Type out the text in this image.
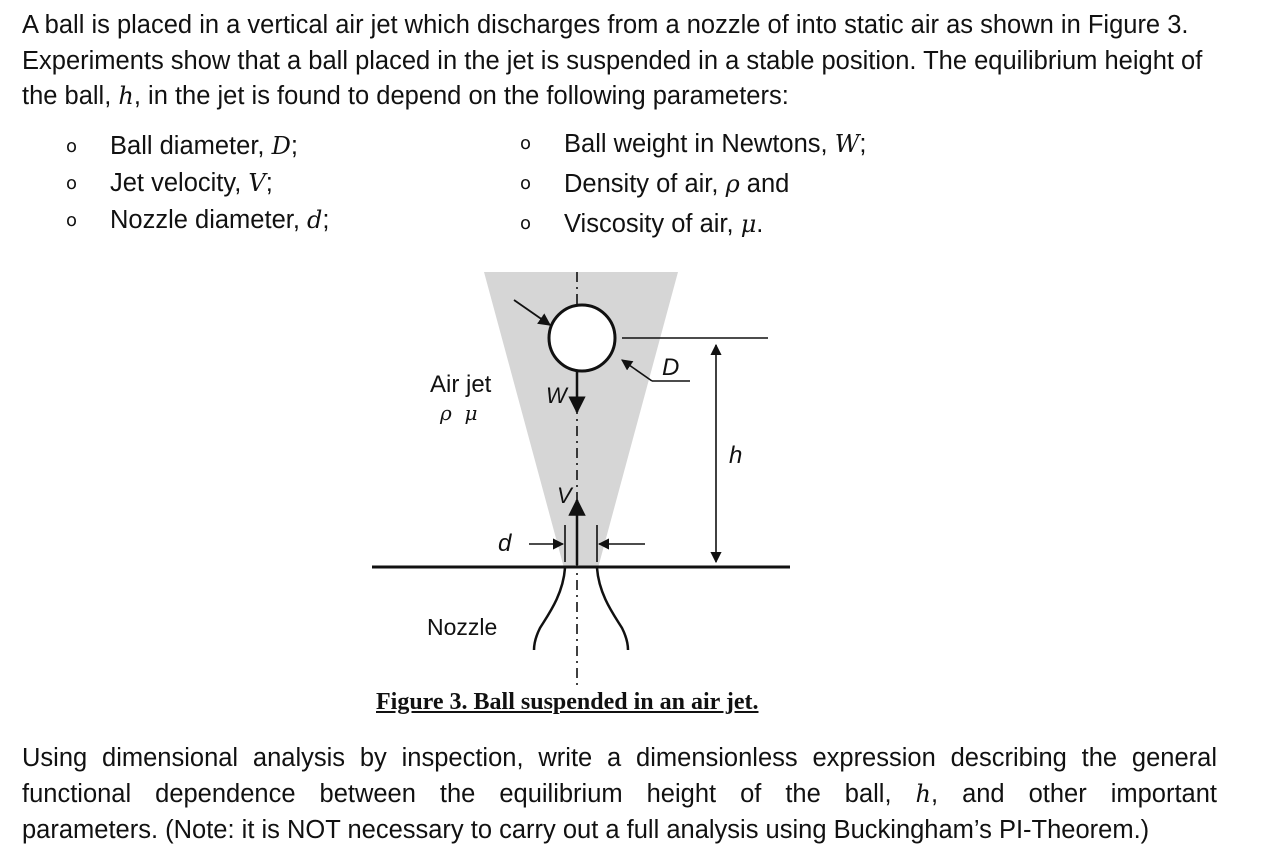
A ball is placed in a vertical air jet which discharges from a nozzle of into static air as shown in Figure 3. Experiments show that a ball placed in the jet is suspended in a stable position. The equilibrium height of the ball, h, in the jet is found to depend on the following parameters:

o Ball diameter, D;
o Jet velocity, V;
o Nozzle diameter, d;
o Ball weight in Newtons, W;
o Density of air, ρ and
o Viscosity of air, μ.
Air jet
ρ  μ
D
W
h
V
d
Nozzle
Figure 3. Ball suspended in an air jet.
Using dimensional analysis by inspection, write a dimensionless expression describing the general
functional dependence between the equilibrium height of the ball, h, and other important
parameters. (Note: it is NOT necessary to carry out a full analysis using Buckingham’s PI-Theorem.)
